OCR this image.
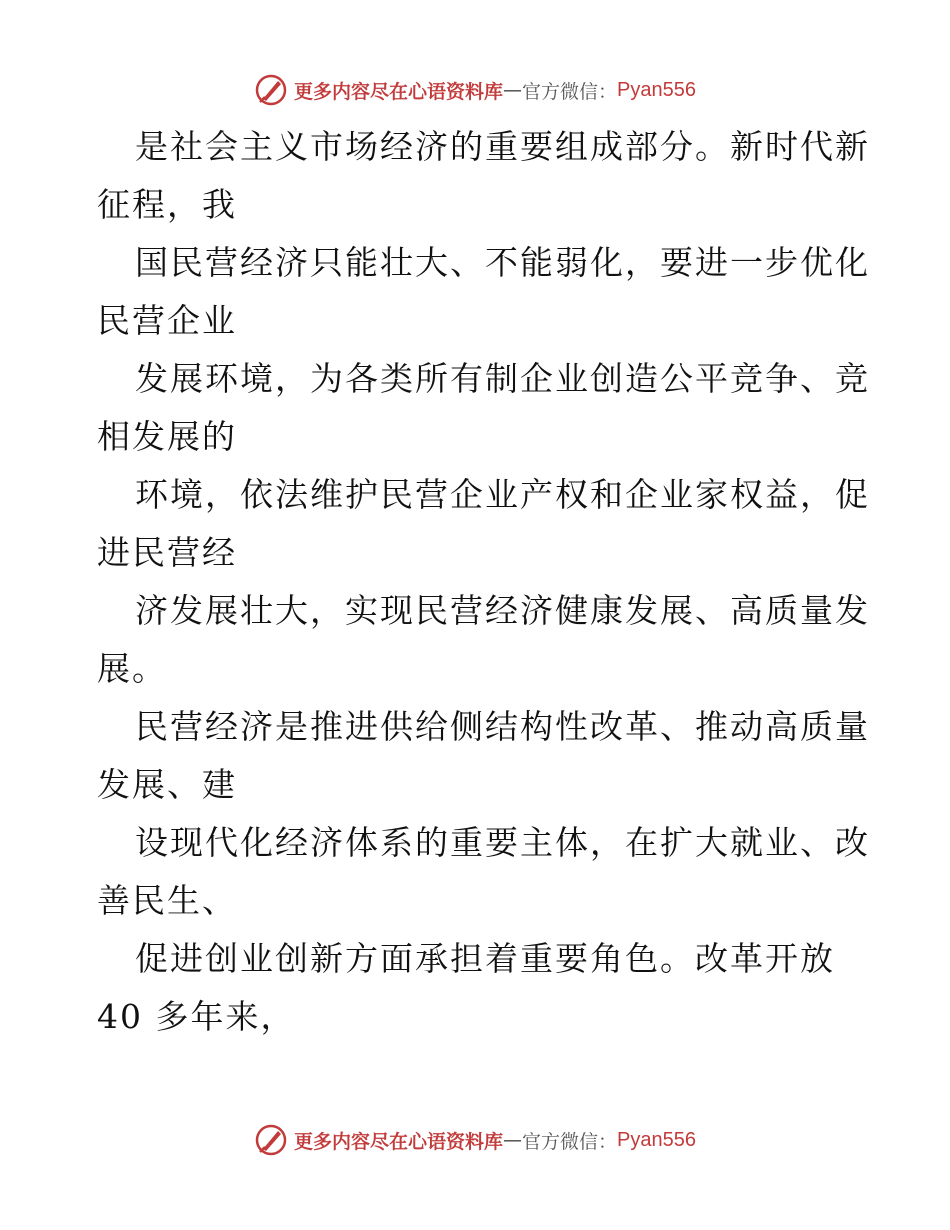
更多内容尽在心语资料库 — 官方微信： Pyan556
是社会主义市场经济的重要组成部分。新时代新
征程，我
国民营经济只能壮大、不能弱化，要进一步优化
民营企业
发展环境，为各类所有制企业创造公平竞争、竞
相发展的
环境，依法维护民营企业产权和企业家权益，促
进民营经
济发展壮大，实现民营经济健康发展、高质量发
展。
民营经济是推进供给侧结构性改革、推动高质量
发展、建
设现代化经济体系的重要主体，在扩大就业、改
善民生、
促进创业创新方面承担着重要角色。改革开放
40 多年来，
更多内容尽在心语资料库 — 官方微信： Pyan556
